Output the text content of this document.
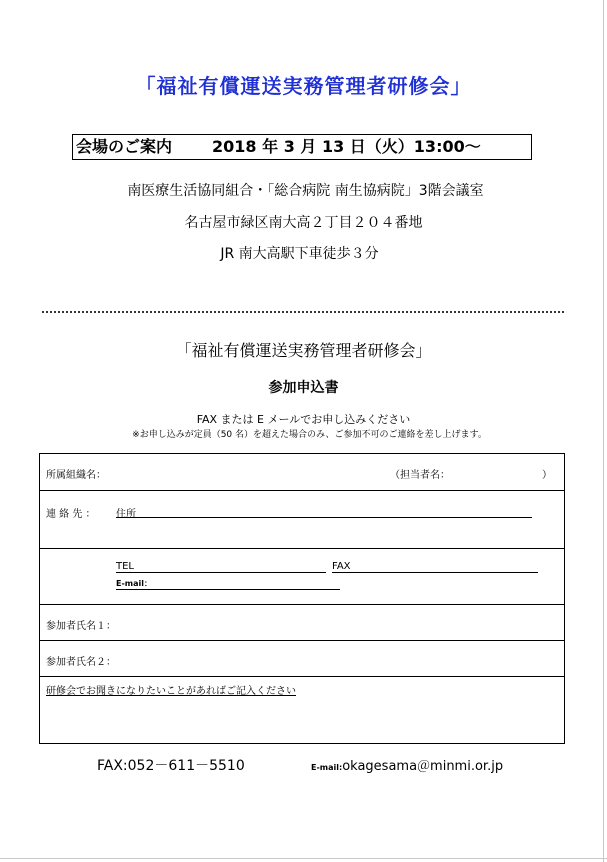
「福祉有償運送実務管理者研修会」
会場のご案内	2018 年 3 月 13 日（火）13:00～
南医療生活協同組合・「総合病院 南生協病院」3階会議室
名古屋市緑区南大高２丁目２０４番地
JR 南大高駅下車徒歩３分
「福祉有償運送実務管理者研修会」
参加申込書
FAX または E メールでお申し込みください
※お申し込みが定員（50 名）を超えた場合のみ、ご参加不可のご連絡を差し上げます。
所属組織名：	（担当者名：	）
連 絡 先 ： 住所
TEL	FAX
E-mail：
参加者氏名１：
参加者氏名２：
研修会でお聞きになりたいことがあればご記入ください
FAX:052－611－5510	E-mail:okagesama＠minmi.or.jp
